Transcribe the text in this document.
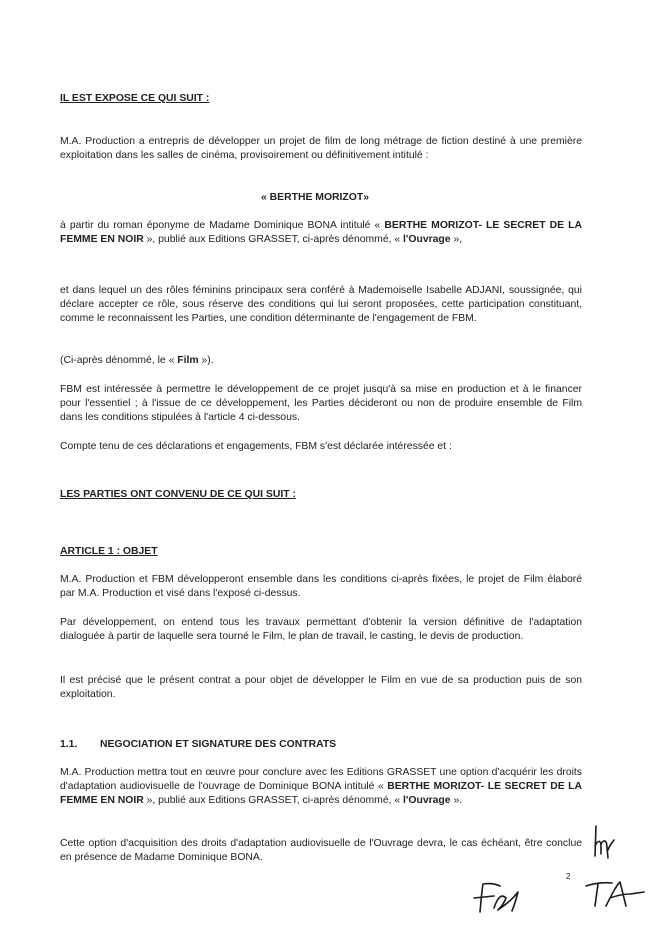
IL EST EXPOSE CE QUI SUIT :

M.A. Production a entrepris de développer un projet de film de long métrage de fiction destiné à une première exploitation dans les salles de cinéma, provisoirement ou définitivement intitulé :

« BERTHE MORIZOT»

à partir du roman éponyme de Madame Dominique BONA intitulé « BERTHE MORIZOT- LE SECRET DE LA FEMME EN NOIR », publié aux Editions GRASSET, ci-après dénommé, « l'Ouvrage »,

et dans lequel un des rôles féminins principaux sera conféré à Mademoiselle Isabelle ADJANI, soussignée, qui déclare accepter ce rôle, sous réserve des conditions qui lui seront proposées, cette participation constituant, comme le reconnaissent les Parties, une condition déterminante de l'engagement de FBM.

(Ci-après dénommé, le « Film »).

FBM est intéressée à permettre le développement de ce projet jusqu'à sa mise en production et à le financer pour l'essentiel ; à l'issue de ce développement, les Parties décideront ou non de produire ensemble de Film dans les conditions stipulées à l'article 4 ci-dessous.

Compte tenu de ces déclarations et engagements, FBM s'est déclarée intéressée et :

LES PARTIES ONT CONVENU DE CE QUI SUIT :

ARTICLE 1 : OBJET

M.A. Production et FBM développeront ensemble dans les conditions ci-après fixées, le projet de Film élaboré par M.A. Production et visé dans l'exposé ci-dessus.

Par développement, on entend tous les travaux permettant d'obtenir la version définitive de l'adaptation dialoguée à partir de laquelle sera tourné le Film, le plan de travail, le casting, le devis de production.

Il est précisé que le présent contrat a pour objet de développer le Film en vue de sa production puis de son exploitation.

1.1. NEGOCIATION ET SIGNATURE DES CONTRATS

M.A. Production mettra tout en œuvre pour conclure avec les Editions GRASSET une option d'acquérir les droits d'adaptation audiovisuelle de l'ouvrage de Dominique BONA intitulé « BERTHE MORIZOT- LE SECRET DE LA FEMME EN NOIR », publié aux Editions GRASSET, ci-après dénommé, « l'Ouvrage ».

Cette option d'acquisition des droits d'adaptation audiovisuelle de l'Ouvrage devra, le cas échéant, être conclue en présence de Madame Dominique BONA.

2
